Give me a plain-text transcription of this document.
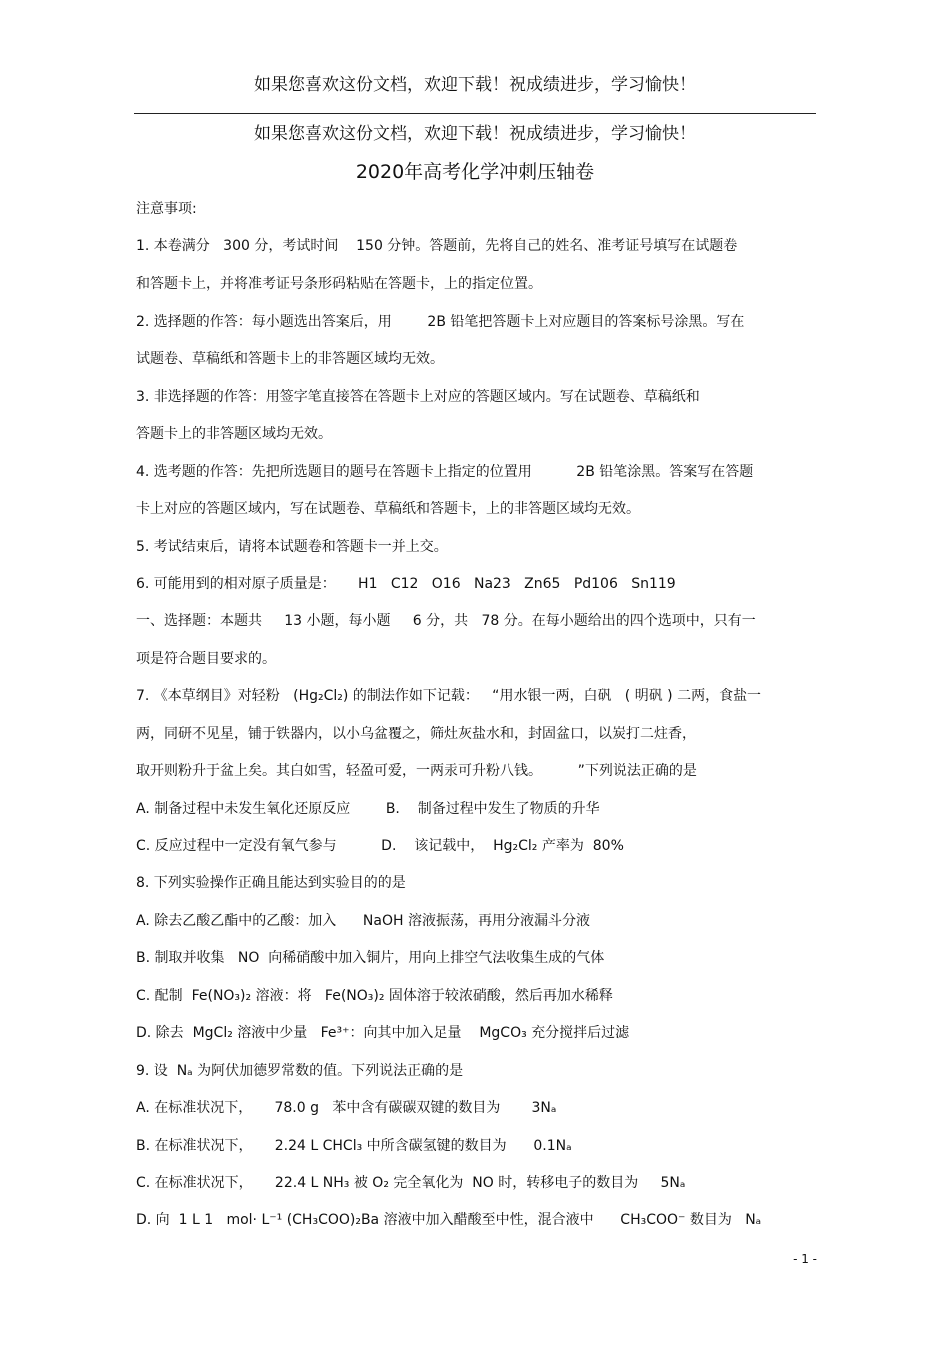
如果您喜欢这份文档，欢迎下载！祝成绩进步，学习愉快！
如果您喜欢这份文档，欢迎下载！祝成绩进步，学习愉快！
2020年高考化学冲刺压轴卷
注意事项:
1. 本卷满分   300 分，考试时间    150 分钟。答题前，先将自己的姓名、准考证号填写在试题卷
和答题卡上，并将准考证号条形码粘贴在答题卡，上的指定位置。
2. 选择题的作答：每小题选出答案后，用        2B 铅笔把答题卡上对应题目的答案标号涂黑。写在
试题卷、草稿纸和答题卡上的非答题区域均无效。
3. 非选择题的作答：用签字笔直接答在答题卡上对应的答题区域内。写在试题卷、草稿纸和
答题卡上的非答题区域均无效。
4. 选考题的作答：先把所选题目的题号在答题卡上指定的位置用          2B 铅笔涂黑。答案写在答题
卡上对应的答题区域内，写在试题卷、草稿纸和答题卡，上的非答题区域均无效。
5. 考试结束后，请将本试题卷和答题卡一并上交。
6. 可能用到的相对原子质量是：     H1   C12   O16   Na23   Zn65   Pd106   Sn119
一、选择题：本题共     13 小题，每小题     6 分，共   78 分。在每小题给出的四个选项中，只有一
项是符合题目要求的。
7. 《本草纲目》对轻粉   (Hg₂Cl₂) 的制法作如下记载：   “用水银一两，白矾   ( 明矾 ) 二两，食盐一
两，同研不见星，铺于铁器内，以小乌盆覆之，筛灶灰盐水和，封固盆口，以炭打二炷香，
取开则粉升于盆上矣。其白如雪，轻盈可爱，一两汞可升粉八钱。        ”下列说法正确的是
A. 制备过程中未发生氧化还原反应        B.    制备过程中发生了物质的升华
C. 反应过程中一定没有氧气参与          D.    该记载中，  Hg₂Cl₂ 产率为  80%
8. 下列实验操作正确且能达到实验目的的是
A. 除去乙酸乙酯中的乙酸：加入      NaOH 溶液振荡，再用分液漏斗分液
B. 制取并收集   NO  向稀硝酸中加入铜片，用向上排空气法收集生成的气体
C. 配制  Fe(NO₃)₂ 溶液：将   Fe(NO₃)₂ 固体溶于较浓硝酸，然后再加水稀释
D. 除去  MgCl₂ 溶液中少量   Fe³⁺：向其中加入足量    MgCO₃ 充分搅拌后过滤
9. 设  Nₐ 为阿伏加德罗常数的值。下列说法正确的是
A. 在标准状况下，     78.0 g   苯中含有碳碳双键的数目为       3Nₐ
B. 在标准状况下，     2.24 L CHCl₃ 中所含碳氢键的数目为      0.1Nₐ
C. 在标准状况下，     22.4 L NH₃ 被 O₂ 完全氧化为  NO 时，转移电子的数目为     5Nₐ
D. 向  1 L 1   mol· L⁻¹ (CH₃COO)₂Ba 溶液中加入醋酸至中性，混合液中      CH₃COO⁻ 数目为   Nₐ
- 1 -
